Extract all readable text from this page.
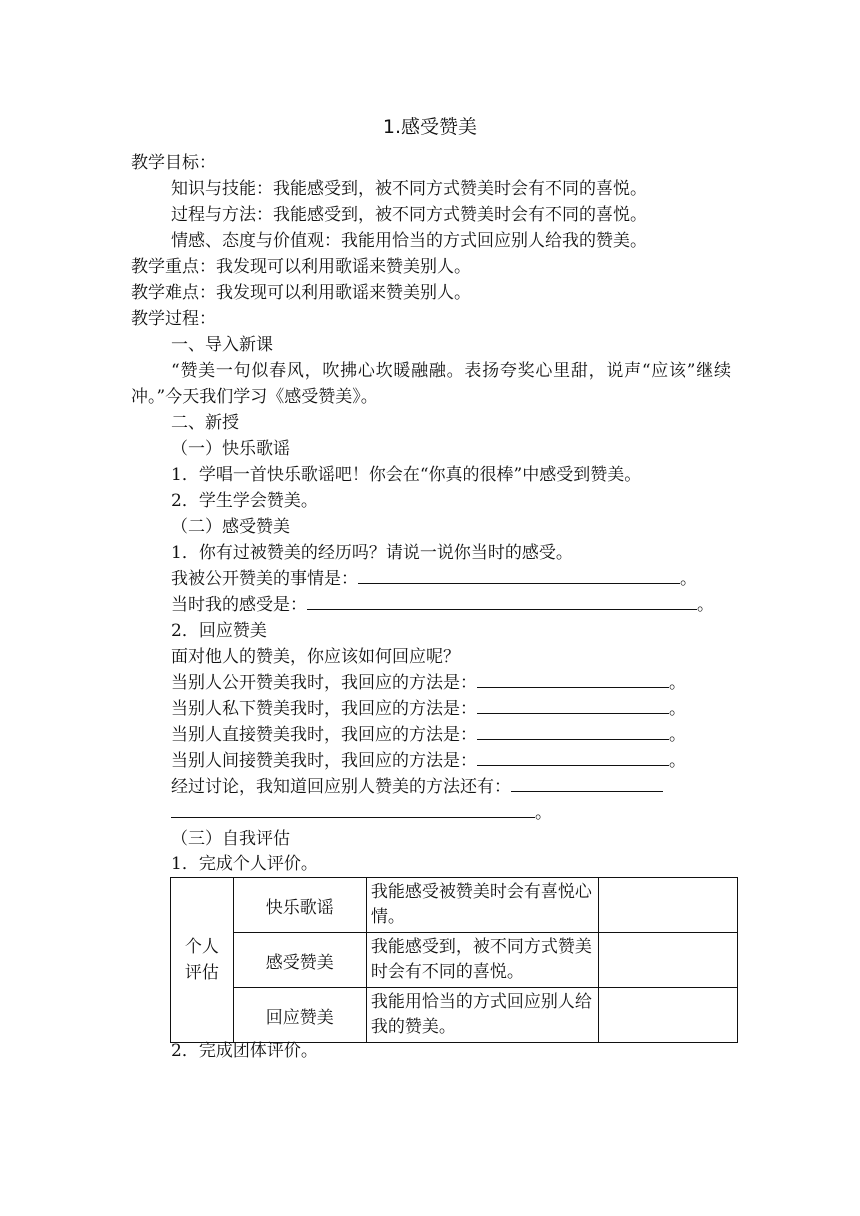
1.感受赞美
教学目标：
知识与技能：我能感受到，被不同方式赞美时会有不同的喜悦。
过程与方法：我能感受到，被不同方式赞美时会有不同的喜悦。
情感、态度与价值观：我能用恰当的方式回应别人给我的赞美。
教学重点：我发现可以利用歌谣来赞美别人。
教学难点：我发现可以利用歌谣来赞美别人。
教学过程：
一、导入新课
“赞美一句似春风，吹拂心坎暖融融。表扬夸奖心里甜，说声“应该”继续冲。”今天我们学习《感受赞美》。
二、新授
（一）快乐歌谣
1．学唱一首快乐歌谣吧！你会在“你真的很棒”中感受到赞美。
2．学生学会赞美。
（二）感受赞美
1．你有过被赞美的经历吗？请说一说你当时的感受。
我被公开赞美的事情是：	。
当时我的感受是：	。
2．回应赞美
面对他人的赞美，你应该如何回应呢？
当别人公开赞美我时，我回应的方法是：	。
当别人私下赞美我时，我回应的方法是：	。
当别人直接赞美我时，我回应的方法是：	。
当别人间接赞美我时，我回应的方法是：	。
经过讨论，我知道回应别人赞美的方法还有：
。
（三）自我评估
1．完成个人评价。
个人评估	快乐歌谣	我能感受被赞美时会有喜悦心情。	
	感受赞美	我能感受到，被不同方式赞美时会有不同的喜悦。	
	回应赞美	我能用恰当的方式回应别人给我的赞美。	
2．完成团体评价。
